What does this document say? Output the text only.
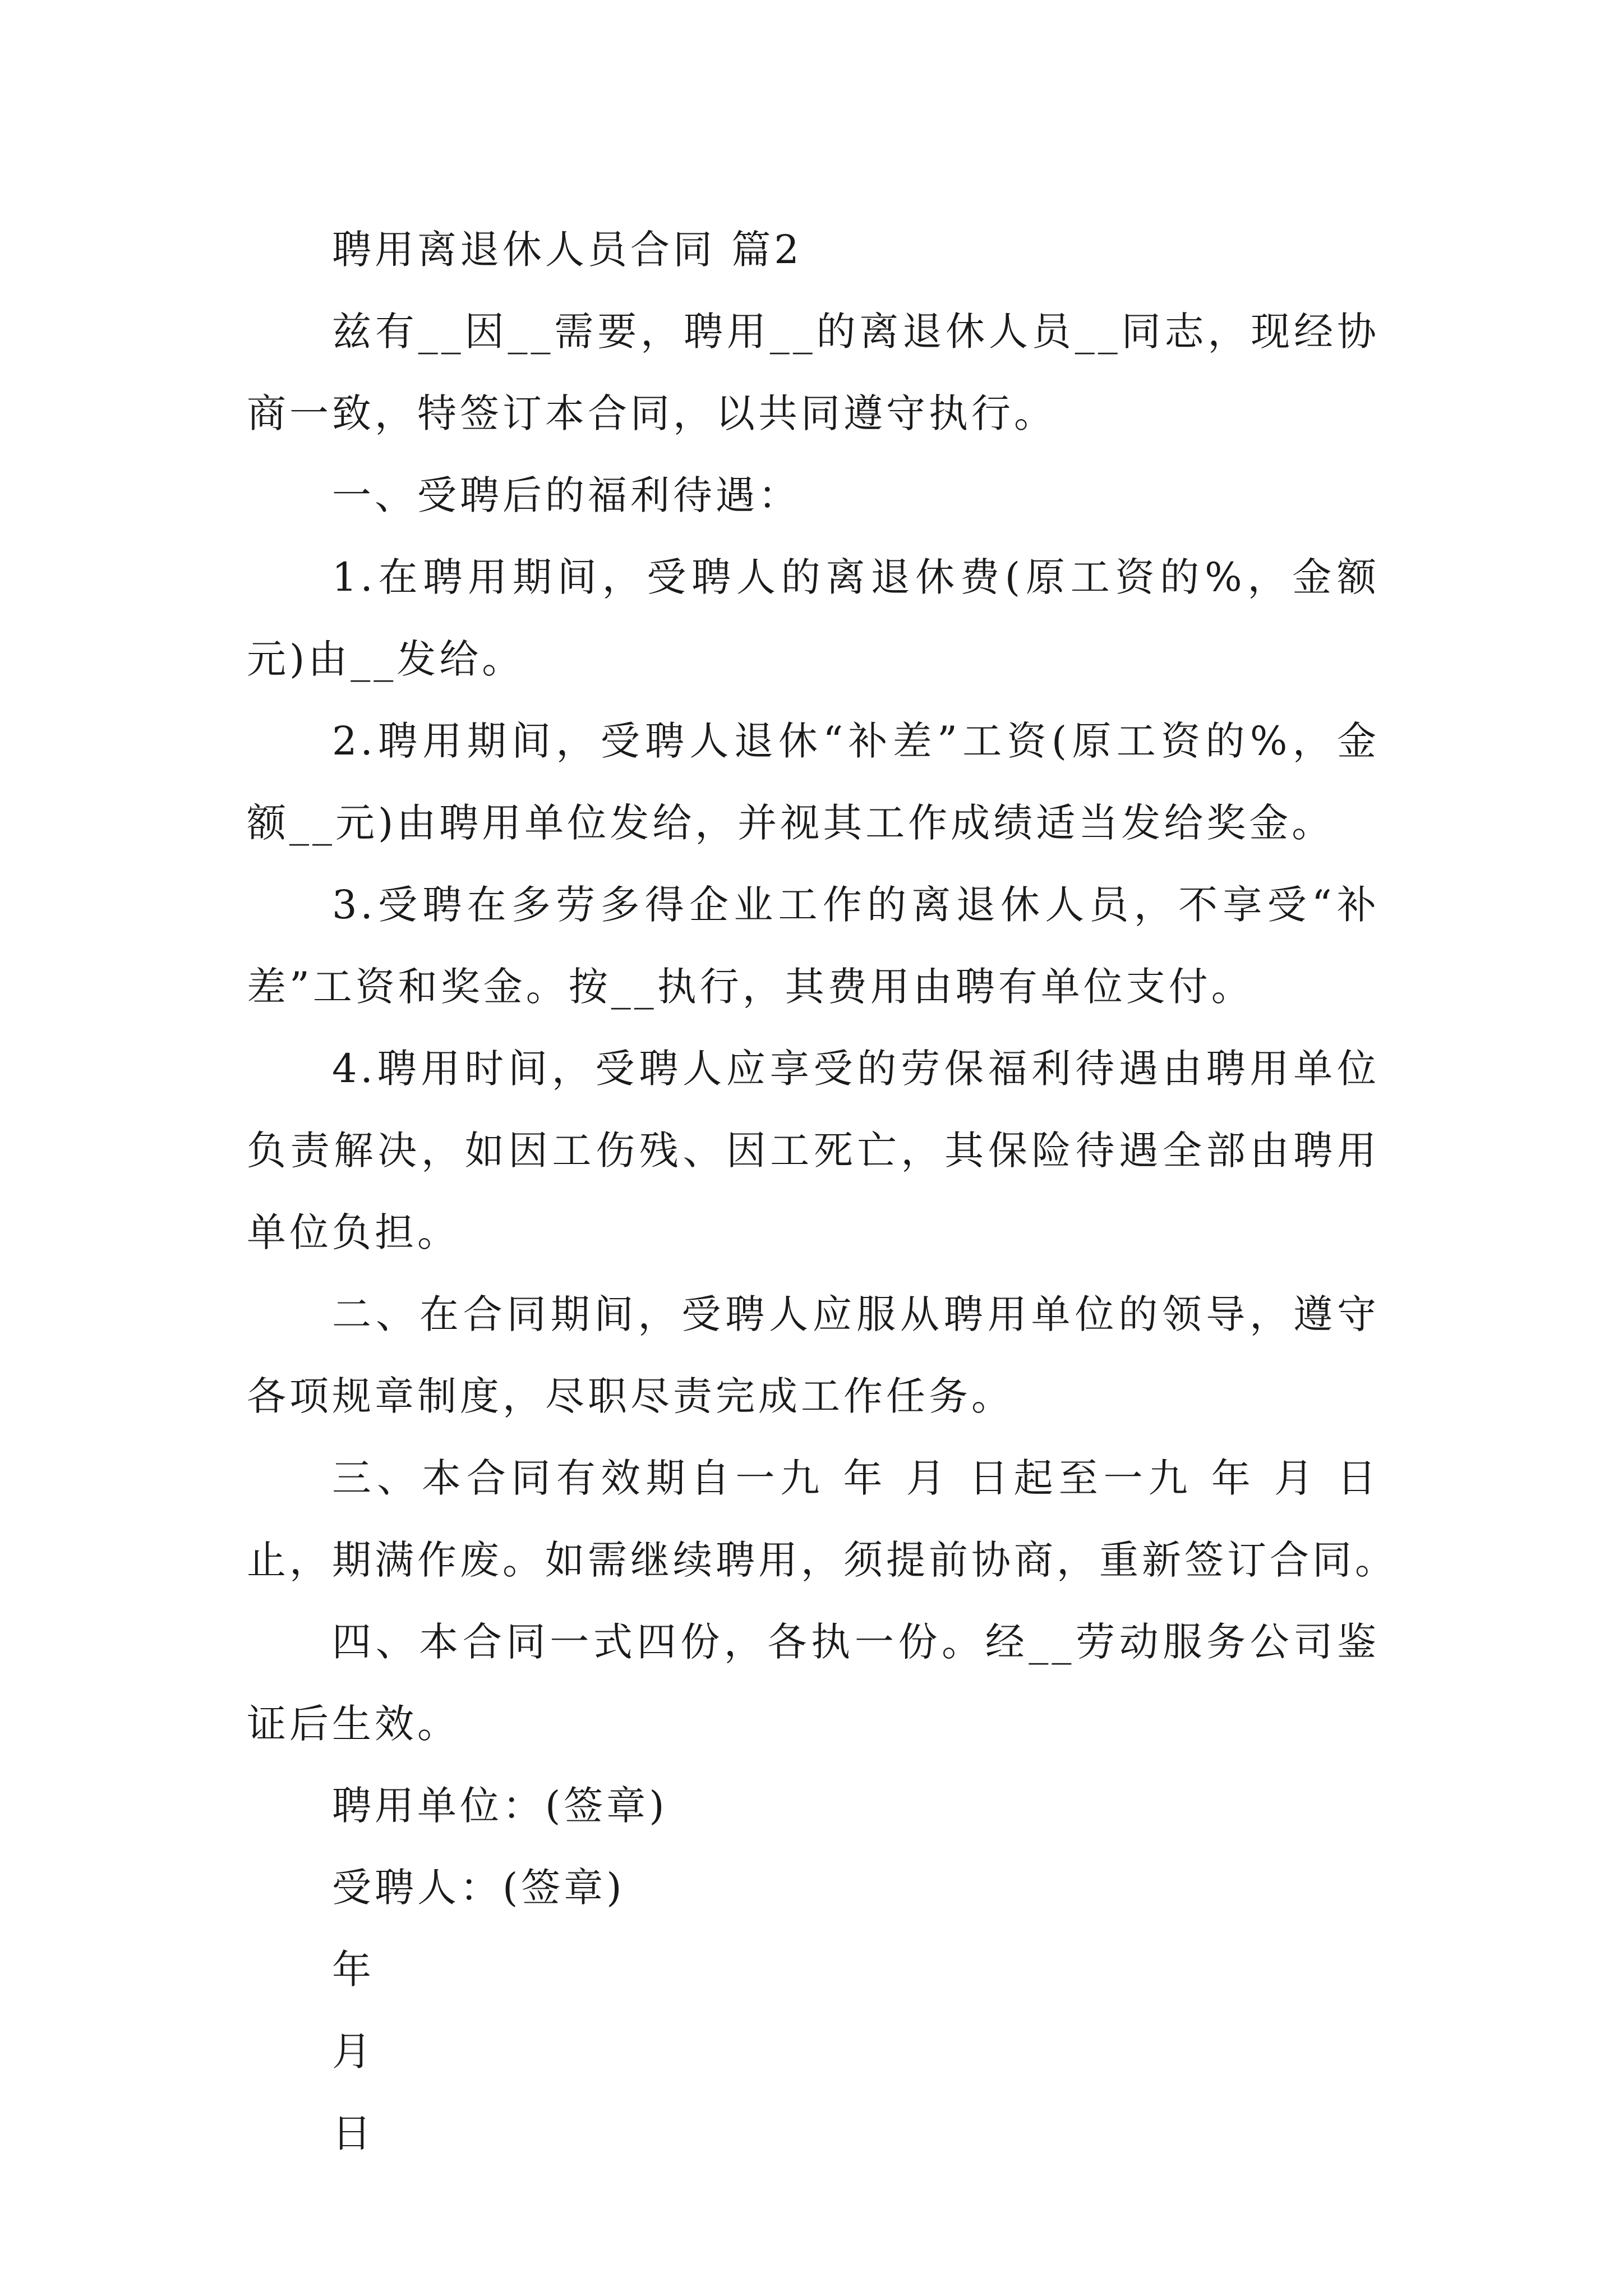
聘用离退休人员合同 篇2
兹有__因__需要，聘用__的离退休人员__同志，现经协
商一致，特签订本合同，以共同遵守执行。
一、受聘后的福利待遇：
1.在聘用期间，受聘人的离退休费(原工资的%，金额
元)由__发给。
2.聘用期间，受聘人退休“补差”工资(原工资的%，金
额__元)由聘用单位发给，并视其工作成绩适当发给奖金。
3.受聘在多劳多得企业工作的离退休人员，不享受“补
差”工资和奖金。按__执行，其费用由聘有单位支付。
4.聘用时间，受聘人应享受的劳保福利待遇由聘用单位
负责解决，如因工伤残、因工死亡，其保险待遇全部由聘用
单位负担。
二、在合同期间，受聘人应服从聘用单位的领导，遵守
各项规章制度，尽职尽责完成工作任务。
三、本合同有效期自一九 年 月 日起至一九 年 月 日
止，期满作废。如需继续聘用，须提前协商，重新签订合同。
四、本合同一式四份，各执一份。经__劳动服务公司鉴
证后生效。
聘用单位：(签章)
受聘人：(签章)
年
月
日
